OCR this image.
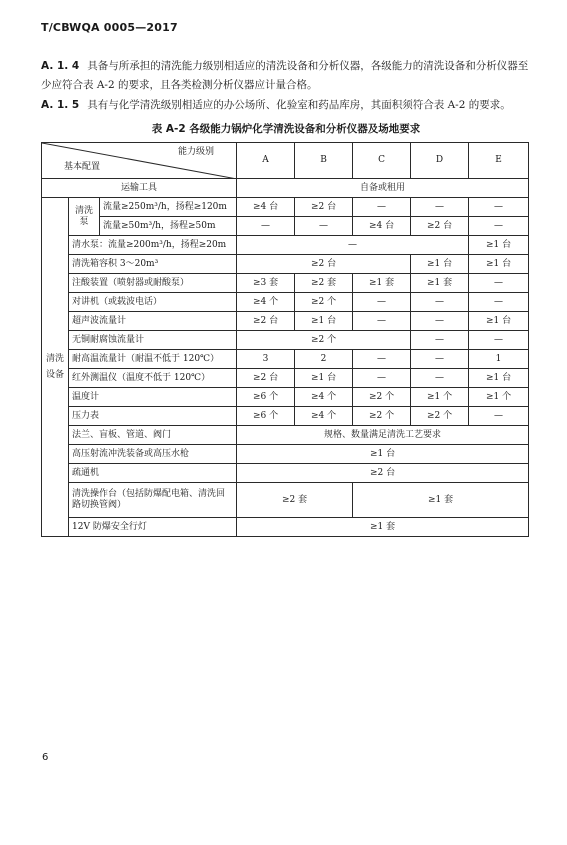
T/CBWQA 0005—2017
A. 1. 4 具备与所承担的清洗能力级别相适应的清洗设备和分析仪器，各级能力的清洗设备和分析仪器至少应符合表 A-2 的要求，且各类检测分析仪器应计量合格。
A. 1. 5 具有与化学清洗级别相适应的办公场所、化验室和药品库房，其面积须符合表 A-2 的要求。
表 A-2 各级能力锅炉化学清洗设备和分析仪器及场地要求
能力级别
基本配置			A	B	C	D	E
运输工具			自备或租用				
清洗设备	清洗泵	流量≥250m³/h，扬程≥120m	≥4 台	≥2 台	—	—	—
		流量≥50m³/h，扬程≥50m	—	—	≥4 台	≥2 台	—
	清水泵：流量≥200m³/h，扬程≥20m		—				≥1 台
	清洗箱容积 3～20m³		≥2 台			≥1 台	≥1 台
	注酸装置（喷射器或耐酸泵）		≥3 套	≥2 套	≥1 套	≥1 套	—
	对讲机（或载波电话）		≥4 个	≥2 个	—	—	—
	超声波流量计		≥2 台	≥1 台	—	—	≥1 台
	无铜耐腐蚀流量计		≥2 个			—	—
	耐高温流量计（耐温不低于 120℃）		3	2	—	—	1
	红外测温仪（温度不低于 120℃）		≥2 台	≥1 台	—	—	≥1 台
	温度计		≥6 个	≥4 个	≥2 个	≥1 个	≥1 个
	压力表		≥6 个	≥4 个	≥2 个	≥2 个	—
	法兰、盲板、管道、阀门		规格、数量满足清洗工艺要求				
	高压射流冲洗装备或高压水枪		≥1 台				
	疏通机		≥2 台				
	清洗操作台（包括防爆配电箱、清洗回路切换管阀）		≥2 套		≥1 套		
	12V 防爆安全行灯		≥1 套				
6
